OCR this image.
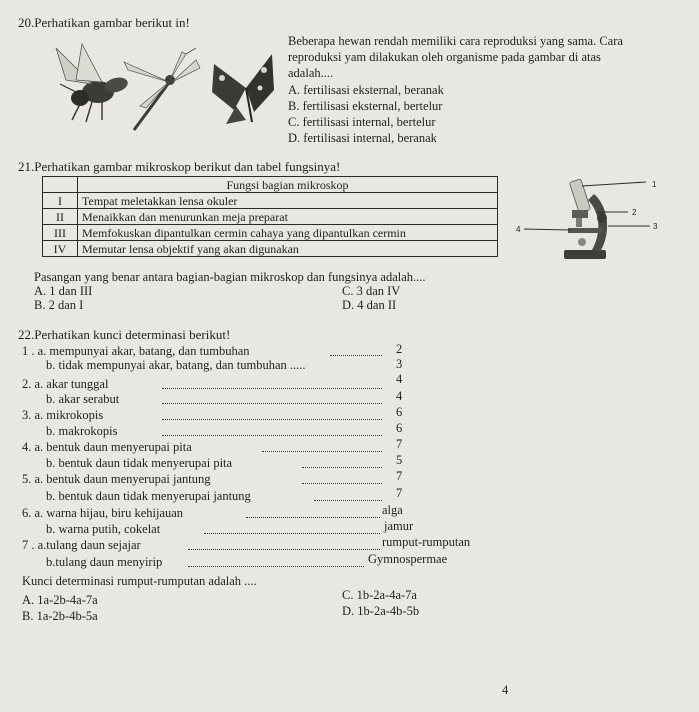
20.Perhatikan gambar berikut in!
Beberapa hewan rendah memiliki cara reproduksi yang sama. Cara
reproduksi yam dilakukan oleh organisme pada gambar di atas
adalah....
A. fertilisasi eksternal, beranak
B. fertilisasi eksternal, bertelur
C. fertilisasi internal, bertelur
D. fertilisasi internal, beranak
21.Perhatikan gambar mikroskop berikut dan tabel fungsinya!
	Fungsi bagian mikroskop
I	Tempat meletakkan lensa okuler
II	Menaikkan dan menurunkan meja preparat
III	Memfokuskan dipantulkan cermin cahaya yang dipantulkan cermin
IV	Memutar lensa objektif yang akan digunakan
1
2
3
4
Pasangan yang benar antara bagian-bagian mikroskop dan fungsinya adalah....
A. 1 dan III
B. 2 dan I
C. 3 dan IV
D. 4 dan II
22.Perhatikan kunci determinasi berikut!
1 . a. mempunyai akar, batang, dan tumbuhan	2
b. tidak mempunyai akar, batang, dan tumbuhan .....	3
2. a. akar tunggal	4
b. akar serabut	4
3. a. mikrokopis	6
b. makrokopis	6
4. a. bentuk daun menyerupai pita	7
b. bentuk daun tidak menyerupai pita	5
5. a. bentuk daun menyerupai jantung	7
b. bentuk daun tidak menyerupai jantung	7
6. a. warna hijau, biru kehijauan	alga
b. warna putih, cokelat	jamur
7 . a.tulang daun sejajar	rumput-rumputan
b.tulang daun menyirip	Gymnospermae
Kunci determinasi rumput-rumputan adalah ....
A. 1a-2b-4a-7a
B. 1a-2b-4b-5a
C. 1b-2a-4a-7a
D. 1b-2a-4b-5b
4
